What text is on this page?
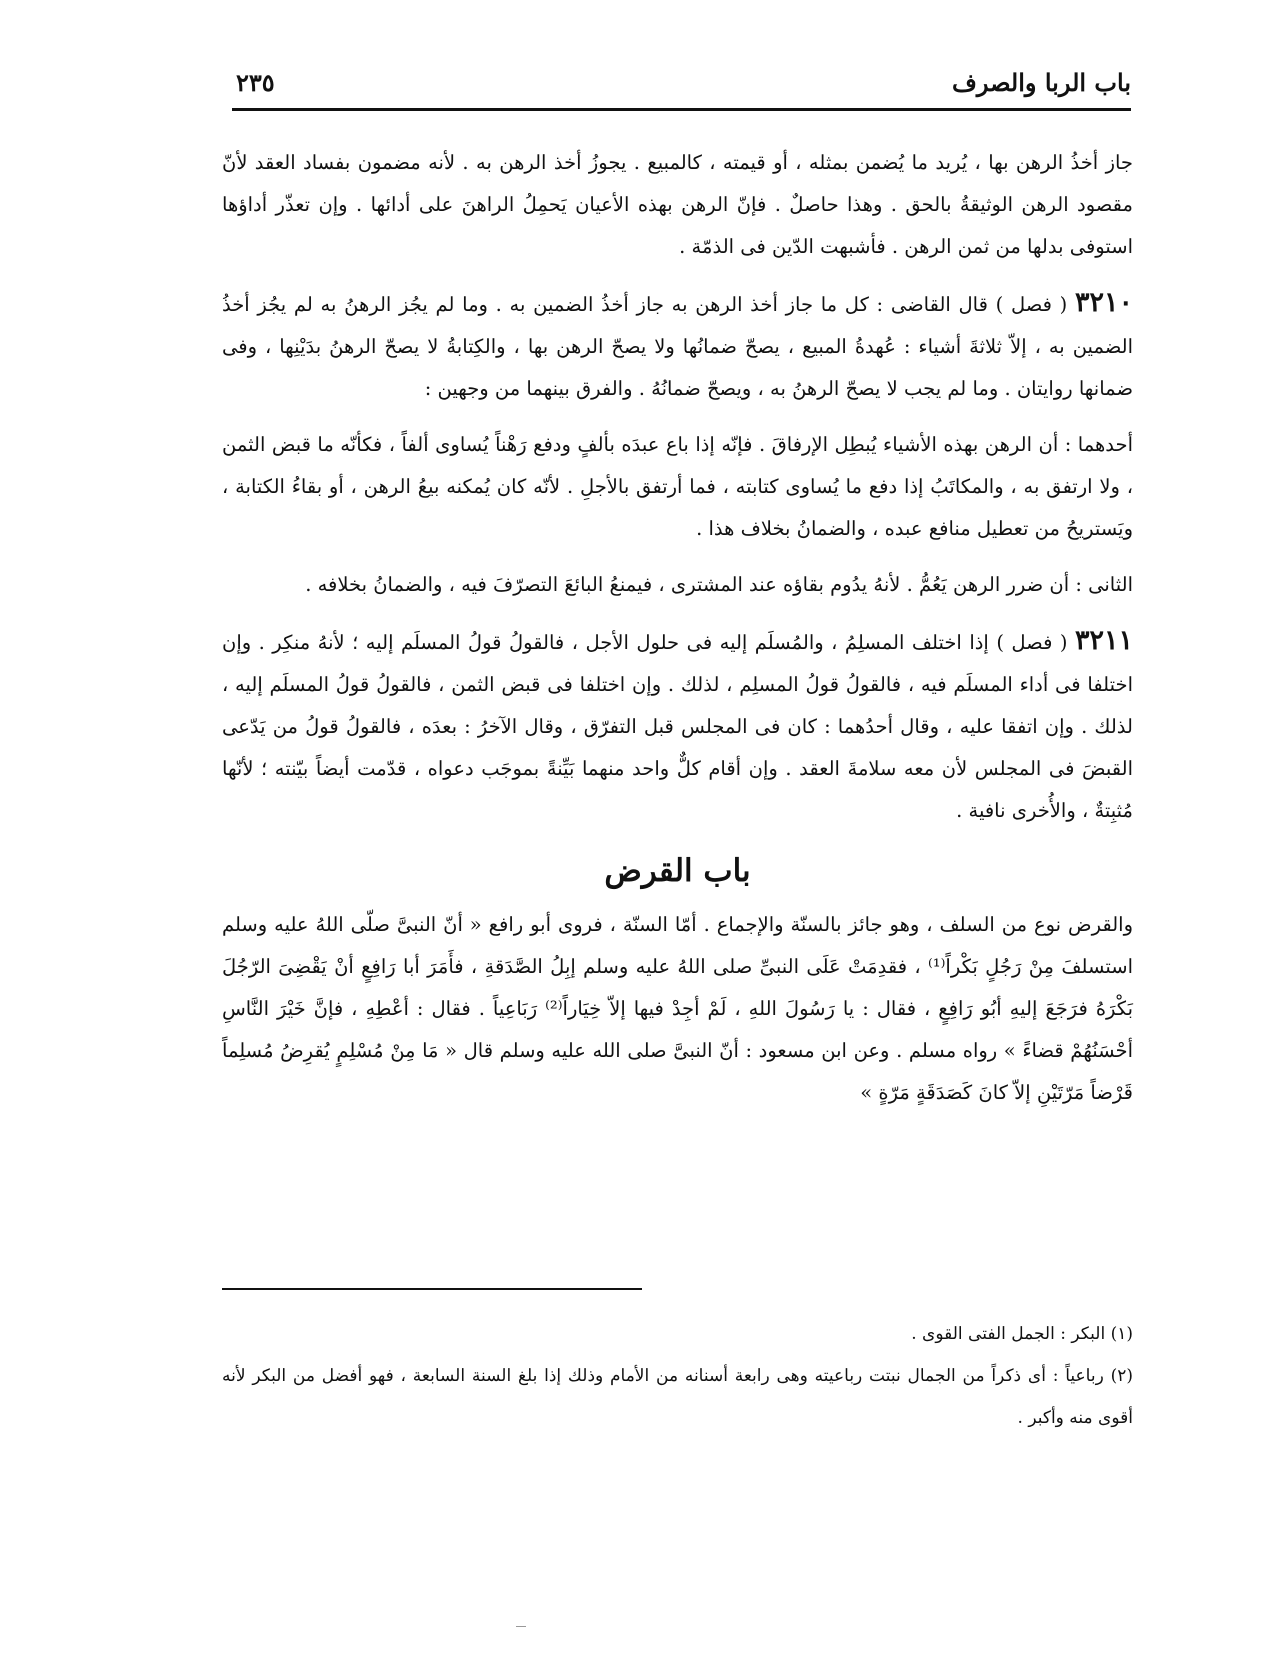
باب الربا والصرف
٢٣٥

جاز أخذُ الرهن بها ، يُريد ما يُضمن بمثله ، أو قيمته ، كالمبيع . يجوزُ أخذ الرهن به . لأنه مضمون بفساد العقد لأنّ مقصود الرهن الوثيقةُ بالحق . وهذا حاصلٌ . فإنّ الرهن بهذه الأعيان يَحمِلُ الراهنَ على أدائها . وإن تعذّر أداؤها استوفى بدلها من ثمن الرهن . فأشبهت الدّين فى الذمّة .

٣٢١٠ ( فصل ) قال القاضى : كل ما جاز أخذ الرهن به جاز أخذُ الضمين به . وما لم يجُز الرهنُ به لم يجُز أخذُ الضمين به ، إلاّ ثلاثةَ أشياء : عُهدةُ المبيع ، يصحّ ضمانُها ولا يصحّ الرهن بها ، والكِتابةُ لا يصحّ الرهنُ بدَيْنِها ، وفى ضمانها روايتان . وما لم يجب لا يصحّ الرهنُ به ، ويصحّ ضمانُهُ . والفرق بينهما من وجهين :

أحدهما : أن الرهن بهذه الأشياء يُبطِل الإرفاقَ . فإنّه إذا باع عبدَه بألفٍ ودفع رَهْناً يُساوى ألفاً ، فكأنّه ما قبض الثمن ، ولا ارتفق به ، والمكاتَبُ إذا دفع ما يُساوى كتابته ، فما أرتفق بالأجلِ . لأنّه كان يُمكنه بيعُ الرهن ، أو بقاءُ الكتابة ، ويَستريحُ من تعطيل منافع عبده ، والضمانُ بخلاف هذا .

الثانى : أن ضرر الرهن يَعُمُّ . لأنهُ يدُوم بقاؤه عند المشترى ، فيمنعُ البائعَ التصرّفَ فيه ، والضمانُ بخلافه .

٣٢١١ ( فصل ) إذا اختلف المسلِمُ ، والمُسلَم إليه فى حلول الأجل ، فالقولُ قولُ المسلَم إليه ؛ لأنهُ منكِر . وإن اختلفا فى أداء المسلَم فيه ، فالقولُ قولُ المسلِم ، لذلك . وإن اختلفا فى قبض الثمن ، فالقولُ قولُ المسلَم إليه ، لذلك . وإن اتفقا عليه ، وقال أحدُهما : كان فى المجلس قبل التفرّق ، وقال الآخرُ : بعدَه ، فالقولُ قولُ من يَدّعى القبضَ فى المجلس لأن معه سلامةَ العقد . وإن أقام كلٌّ واحد منهما بَيِّنةً بموجَب دعواه ، قدّمت أيضاً بيّنته ؛ لأنّها مُثبِتةٌ ، والأُخرى نافية .

باب القرض

والقرض نوع من السلف ، وهو جائز بالسنّة والإجماع . أمّا السنّة ، فروى أبو رافع « أنّ النبىَّ صلّى اللهُ عليه وسلم استسلفَ مِنْ رَجُلٍ بَكْراً⁽¹⁾ ، فقدِمَتْ عَلَى النبىِّ صلى اللهُ عليه وسلم إبِلُ الصَّدَقةِ ، فأَمَرَ أبا رَافِعٍ أنْ يَقْضِىَ الرّجُلَ بَكْرَهُ فرَجَعَ إليهِ أبُو رَافِعٍ ، فقال : يا رَسُولَ اللهِ ، لَمْ أجِدْ فيها إلاّ خِيَاراً⁽²⁾ رَبَاعِياً . فقال : أعْطِهِ ، فإنَّ خَيْرَ النَّاسِ أحْسَنُهُمْ قضاءً » رواه مسلم . وعن ابن مسعود : أنّ النبىَّ صلى الله عليه وسلم قال « مَا مِنْ مُسْلِمٍ يُقرِضُ مُسلِماً قَرْضاً مَرّتَيْنِ إلاّ كانَ كَصَدَقَةٍ مَرّةٍ »

(١) البكر : الجمل الفتى القوى .

(٢) رباعياً : أى ذكراً من الجمال نبتت رباعيته وهى رابعة أسنانه من الأمام وذلك إذا بلغ السنة السابعة ، فهو أفضل من البكر لأنه أقوى منه وأكبر .
